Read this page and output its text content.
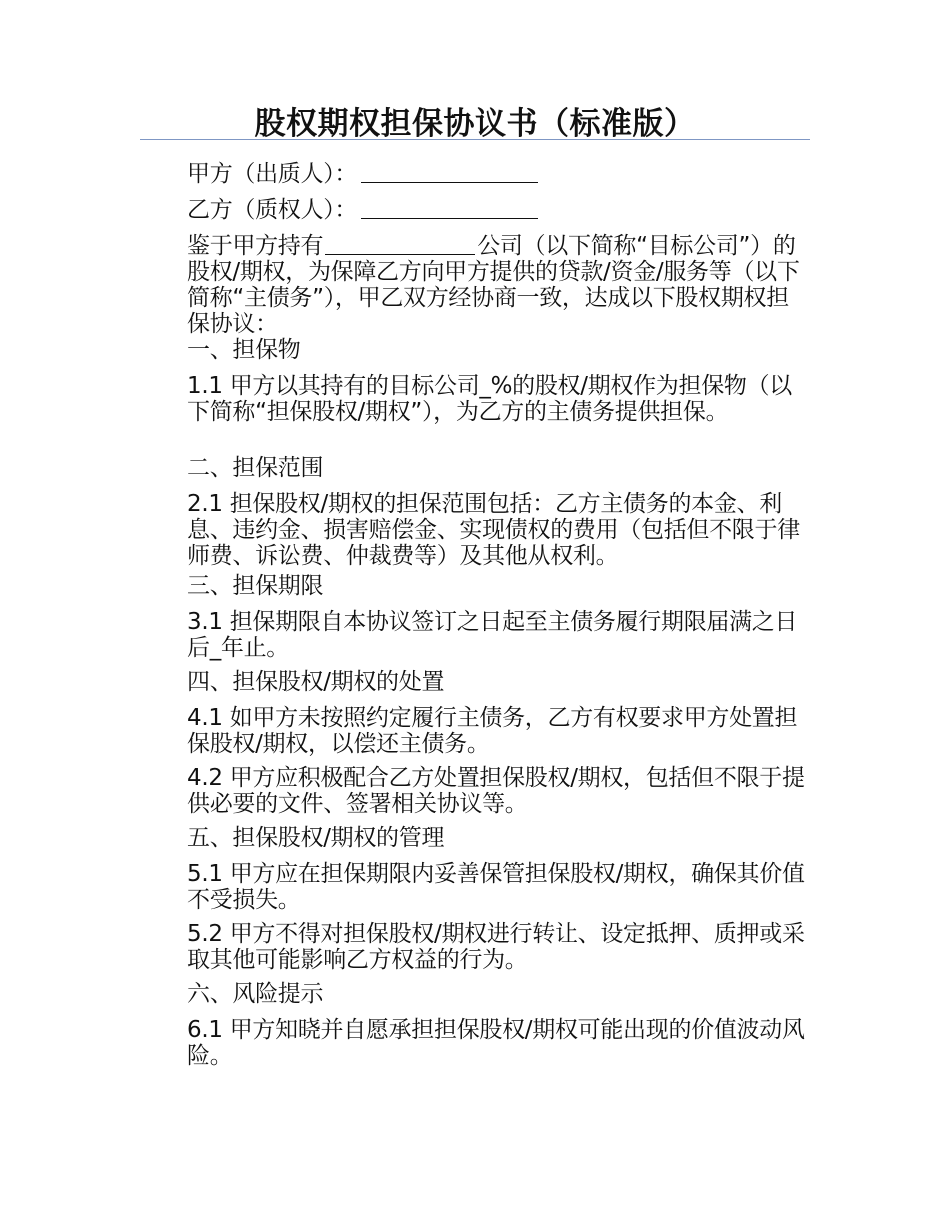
股权期权担保协议书（标准版）

甲方（出质人）：

乙方（质权人）：

鉴于甲方持有	公司（以下简称“目标公司”）的股权/期权，为保障乙方向甲方提供的贷款/资金/服务等（以下简称“主债务”），甲乙双方经协商一致，达成以下股权期权担保协议：

一、担保物

1.1 甲方以其持有的目标公司_%的股权/期权作为担保物（以下简称“担保股权/期权”），为乙方的主债务提供担保。

二、担保范围

2.1 担保股权/期权的担保范围包括：乙方主债务的本金、利息、违约金、损害赔偿金、实现债权的费用（包括但不限于律师费、诉讼费、仲裁费等）及其他从权利。

三、担保期限

3.1 担保期限自本协议签订之日起至主债务履行期限届满之日后_年止。

四、担保股权/期权的处置

4.1 如甲方未按照约定履行主债务，乙方有权要求甲方处置担保股权/期权，以偿还主债务。

4.2 甲方应积极配合乙方处置担保股权/期权，包括但不限于提供必要的文件、签署相关协议等。

五、担保股权/期权的管理

5.1 甲方应在担保期限内妥善保管担保股权/期权，确保其价值不受损失。

5.2 甲方不得对担保股权/期权进行转让、设定抵押、质押或采取其他可能影响乙方权益的行为。

六、风险提示

6.1 甲方知晓并自愿承担担保股权/期权可能出现的价值波动风险。
